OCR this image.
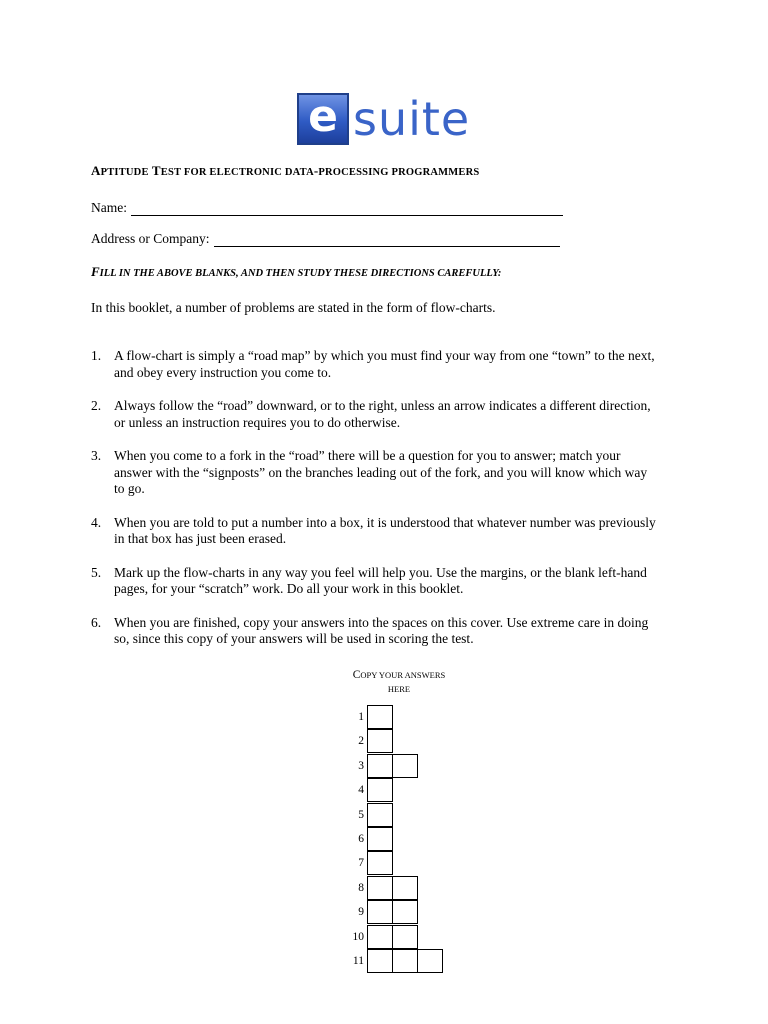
e suite
APTITUDE TEST FOR ELECTRONIC DATA-PROCESSING PROGRAMMERS
Name:
Address or Company:

FILL IN THE ABOVE BLANKS, AND THEN STUDY THESE DIRECTIONS CAREFULLY:

In this booklet, a number of problems are stated in the form of flow-charts.

1. A flow-chart is simply a “road map” by which you must find your way from one “town” to the next,
and obey every instruction you come to.
2. Always follow the “road” downward, or to the right, unless an arrow indicates a different direction,
or unless an instruction requires you to do otherwise.
3. When you come to a fork in the “road” there will be a question for you to answer; match your
answer with the “signposts” on the branches leading out of the fork, and you will know which way
to go.
4. When you are told to put a number into a box, it is understood that whatever number was previously
in that box has just been erased.
5. Mark up the flow-charts in any way you feel will help you. Use the margins, or the blank left-hand
pages, for your “scratch” work. Do all your work in this booklet.
6. When you are finished, copy your answers into the spaces on this cover. Use extreme care in doing
so, since this copy of your answers will be used in scoring the test.
COPY YOUR ANSWERS
HERE
1
2
3
4
5
6
7
8
9
10
11
